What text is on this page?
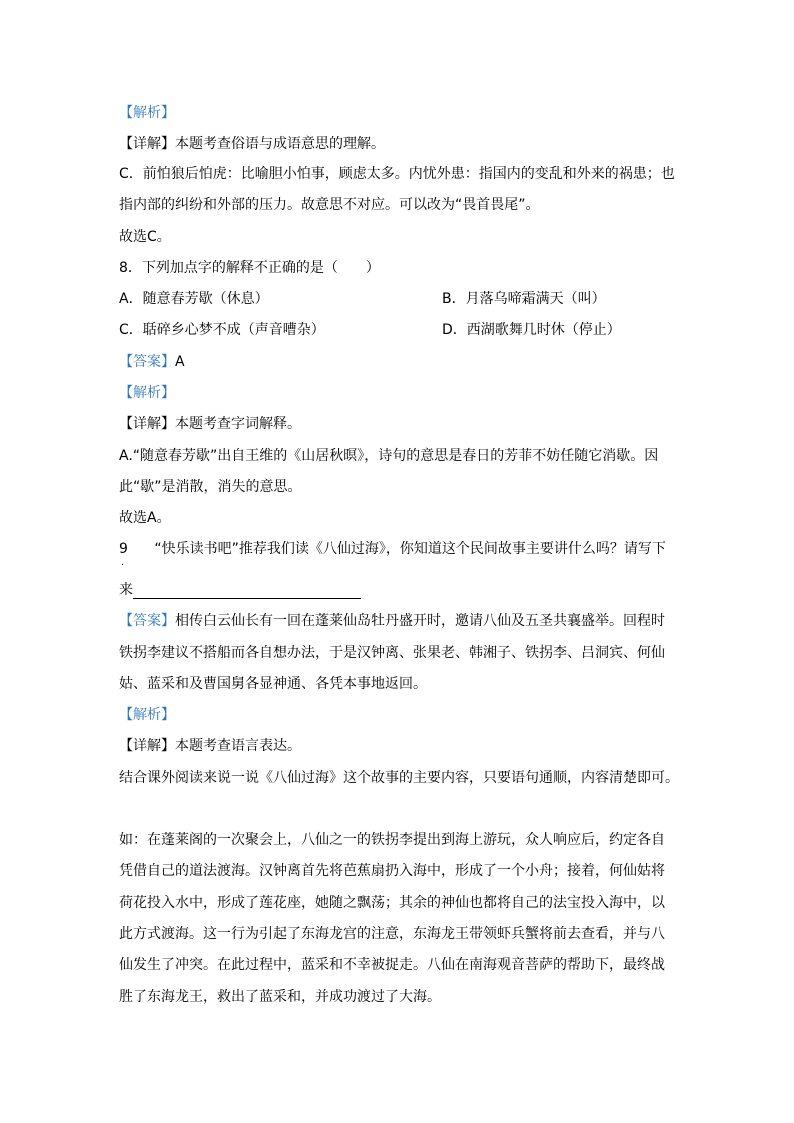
【解析】
【详解】本题考查俗语与成语意思的理解。
C．前怕狼后怕虎：比喻胆小怕事，顾虑太多。内忧外患：指国内的变乱和外来的祸患；也
指内部的纠纷和外部的压力。故意思不对应。可以改为“畏首畏尾”。
故选C。
8．下列加点字的解释不正确的是（　　）
A．随意春芳歇（休息）	B．月落乌啼霜满天（叫）
C．聒碎乡心梦不成（声音嘈杂）	D．西湖歌舞几时休（停止）
【答案】A
【解析】
【详解】本题考查字词解释。
A.“随意春芳歇”出自王维的《山居秋暝》，诗句的意思是春日的芳菲不妨任随它消歇。因
此“歇”是消散，消失的意思。
故选A。
9
·
“快乐读书吧”推荐我们读《八仙过海》，你知道这个民间故事主要讲什么吗？请写下
来
【答案】相传白云仙长有一回在蓬莱仙岛牡丹盛开时，邀请八仙及五圣共襄盛举。回程时
铁拐李建议不搭船而各自想办法，于是汉钟离、张果老、韩湘子、铁拐李、吕洞宾、何仙
姑、蓝采和及曹国舅各显神通、各凭本事地返回。
【解析】
【详解】本题考查语言表达。
结合课外阅读来说一说《八仙过海》这个故事的主要内容，只要语句通顺，内容清楚即可。
如：在蓬莱阁的一次聚会上，八仙之一的铁拐李提出到海上游玩，众人响应后，约定各自
凭借自己的道法渡海。汉钟离首先将芭蕉扇扔入海中，形成了一个小舟；接着，何仙姑将
荷花投入水中，形成了莲花座，她随之飘荡；其余的神仙也都将自己的法宝投入海中，以
此方式渡海。这一行为引起了东海龙宫的注意，东海龙王带领虾兵蟹将前去查看，并与八
仙发生了冲突。在此过程中，蓝采和不幸被捉走。八仙在南海观音菩萨的帮助下，最终战
胜了东海龙王，救出了蓝采和，并成功渡过了大海。
